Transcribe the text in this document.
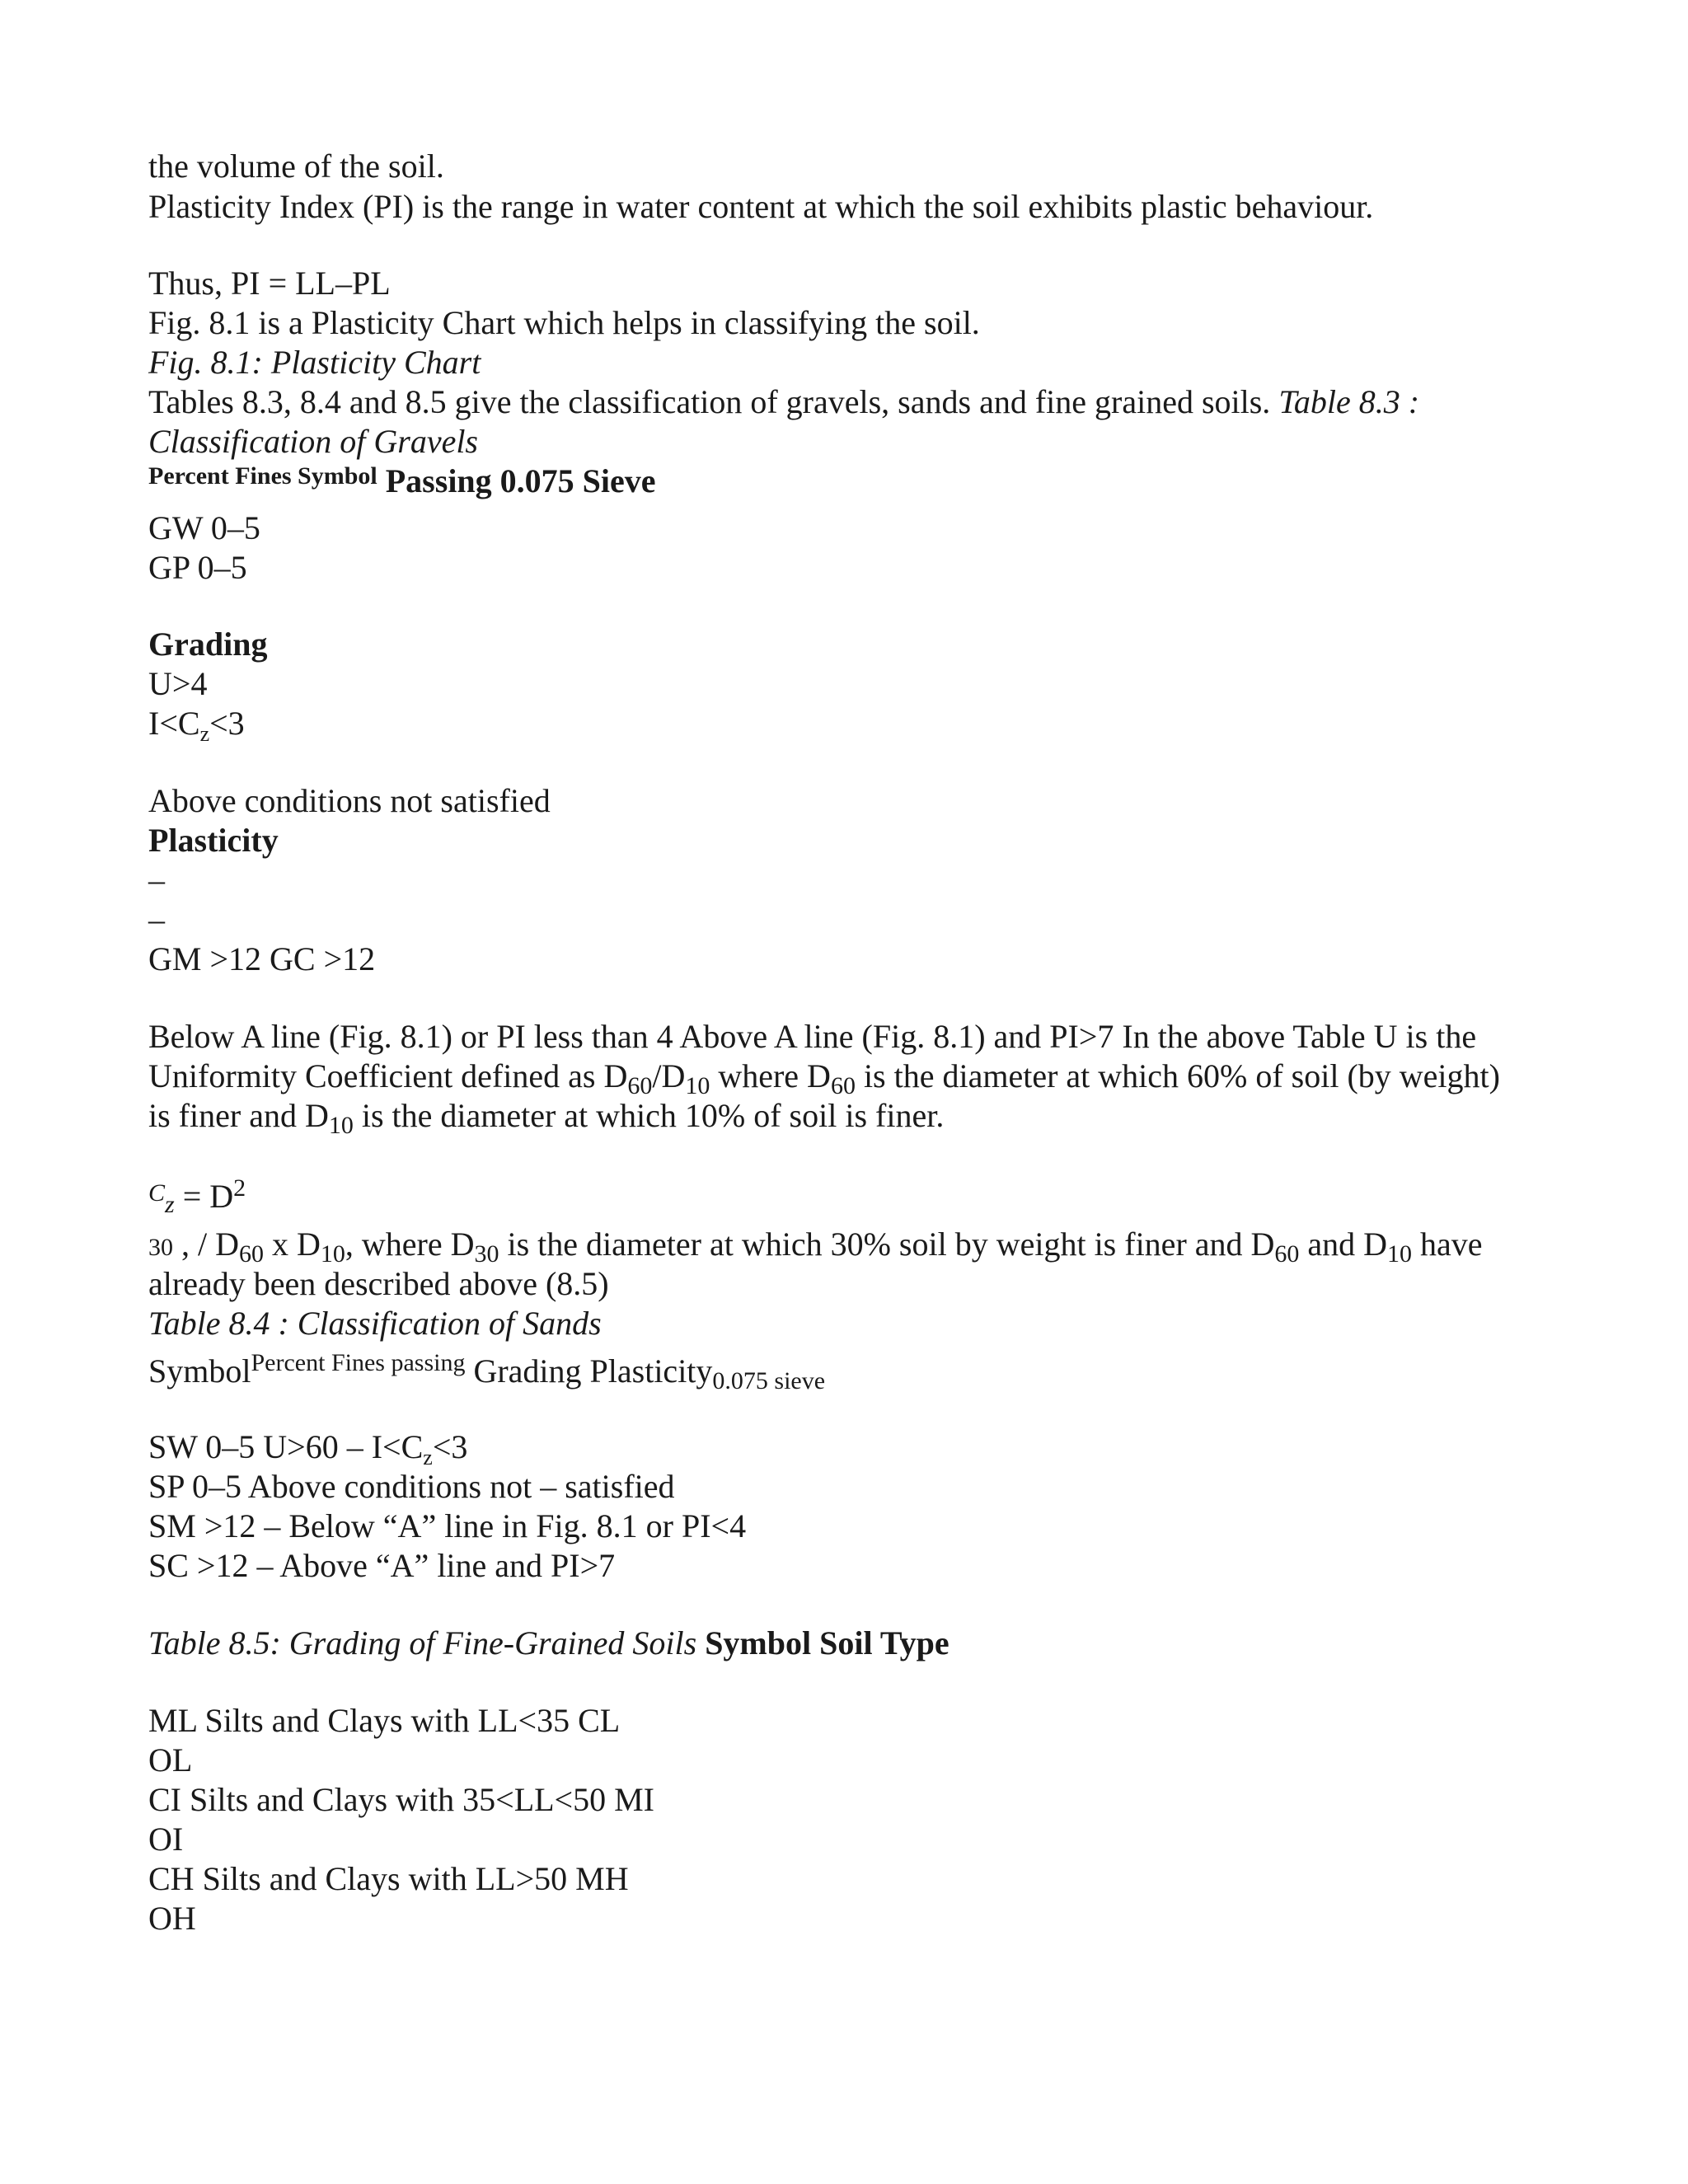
the volume of the soil.
Plasticity Index (PI) is the range in water content at which the soil exhibits plastic behaviour.
Thus, PI = LL–PL
Fig. 8.1 is a Plasticity Chart which helps in classifying the soil.
Fig. 8.1: Plasticity Chart
Tables 8.3, 8.4 and 8.5 give the classification of gravels, sands and fine grained soils. Table 8.3 :
Classification of Gravels
$^{Percent Fines Symbol}$ Passing 0.075 Sieve
GW 0–5
GP 0–5
Grading
U>4
$I<C_z<3$
Above conditions not satisfied
Plasticity
–
–
GM >12 GC >12
Below A line (Fig. 8.1) or PI less than 4 Above A line (Fig. 8.1) and PI>7 In the above Table U is the
Uniformity Coefficient defined as $D_{60}/D_{10}$ where $D_{60}$ is the diameter at which 60% of soil (by weight)
is finer and $D_{10}$ is the diameter at which 10% of soil is finer.
$^Cz = D^2$
30 , / $D_{60}$ x $D_{10}$, where $D_{30}$ is the diameter at which 30% soil by weight is finer and $D_{60}$ and $D_{10}$ have
already been described above (8.5)
Table 8.4 : Classification of Sands
Symbol$^{Percent Fines passing}$ Grading Plasticity$_{0.075 sieve}$
SW 0–5 $U>60 - I<C_z<3$
SP 0–5 Above conditions not – satisfied
SM >12 – Below “A” line in Fig. 8.1 or PI<4
SC >12 – Above “A” line and PI>7
Table 8.5: Grading of Fine-Grained Soils Symbol Soil Type
ML Silts and Clays with LL<35 CL
OL
CI Silts and Clays with 35<LL<50 MI
OI
CH Silts and Clays with LL>50 MH
OH
